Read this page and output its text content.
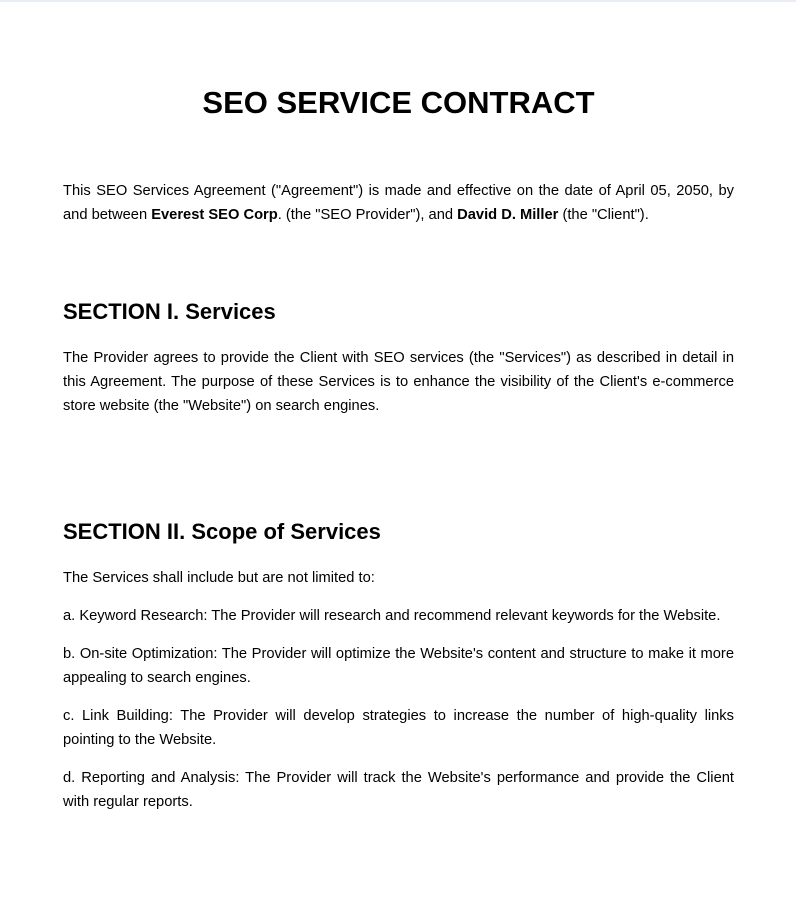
SEO SERVICE CONTRACT

This SEO Services Agreement ("Agreement") is made and effective on the date of April 05, 2050, by and between Everest SEO Corp. (the "SEO Provider"), and David D. Miller (the "Client").

SECTION I. Services

The Provider agrees to provide the Client with SEO services (the "Services") as described in detail in this Agreement. The purpose of these Services is to enhance the visibility of the Client's e-commerce store website (the "Website") on search engines.

SECTION II. Scope of Services

The Services shall include but are not limited to:

a. Keyword Research: The Provider will research and recommend relevant keywords for the Website.

b. On-site Optimization: The Provider will optimize the Website's content and structure to make it more appealing to search engines.

c. Link Building: The Provider will develop strategies to increase the number of high-quality links pointing to the Website.

d. Reporting and Analysis: The Provider will track the Website's performance and provide the Client with regular reports.
